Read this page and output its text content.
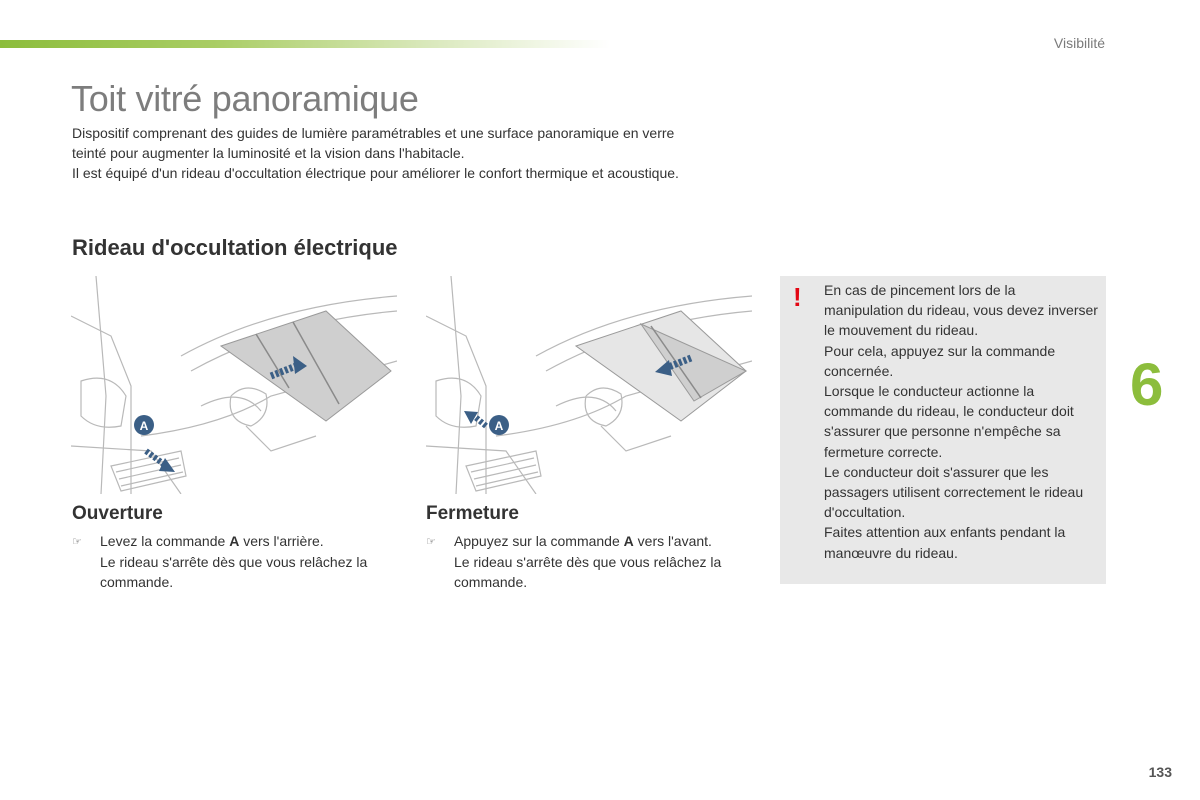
Visibilité
Toit vitré panoramique

Dispositif comprenant des guides de lumière paramétrables et une surface panoramique en verre

teinté pour augmenter la luminosité et la vision dans l'habitacle.

Il est équipé d'un rideau d'occultation électrique pour améliorer le confort thermique et acoustique.

Rideau d'occultation électrique
A	A
Ouverture	Fermeture
☞ Levez la commande A vers l'arrière.
Le rideau s'arrête dès que vous relâchez la commande.
☞ Appuyez sur la commande A vers l'avant.
Le rideau s'arrête dès que vous relâchez la commande.
! En cas de pincement lors de la manipulation du rideau, vous devez inverser le mouvement du rideau.

Pour cela, appuyez sur la commande concernée.

Lorsque le conducteur actionne la commande du rideau, le conducteur doit s'assurer que personne n'empêche sa fermeture correcte.

Le conducteur doit s'assurer que les passagers utilisent correctement le rideau d'occultation.

Faites attention aux enfants pendant la manœuvre du rideau.

6
133
